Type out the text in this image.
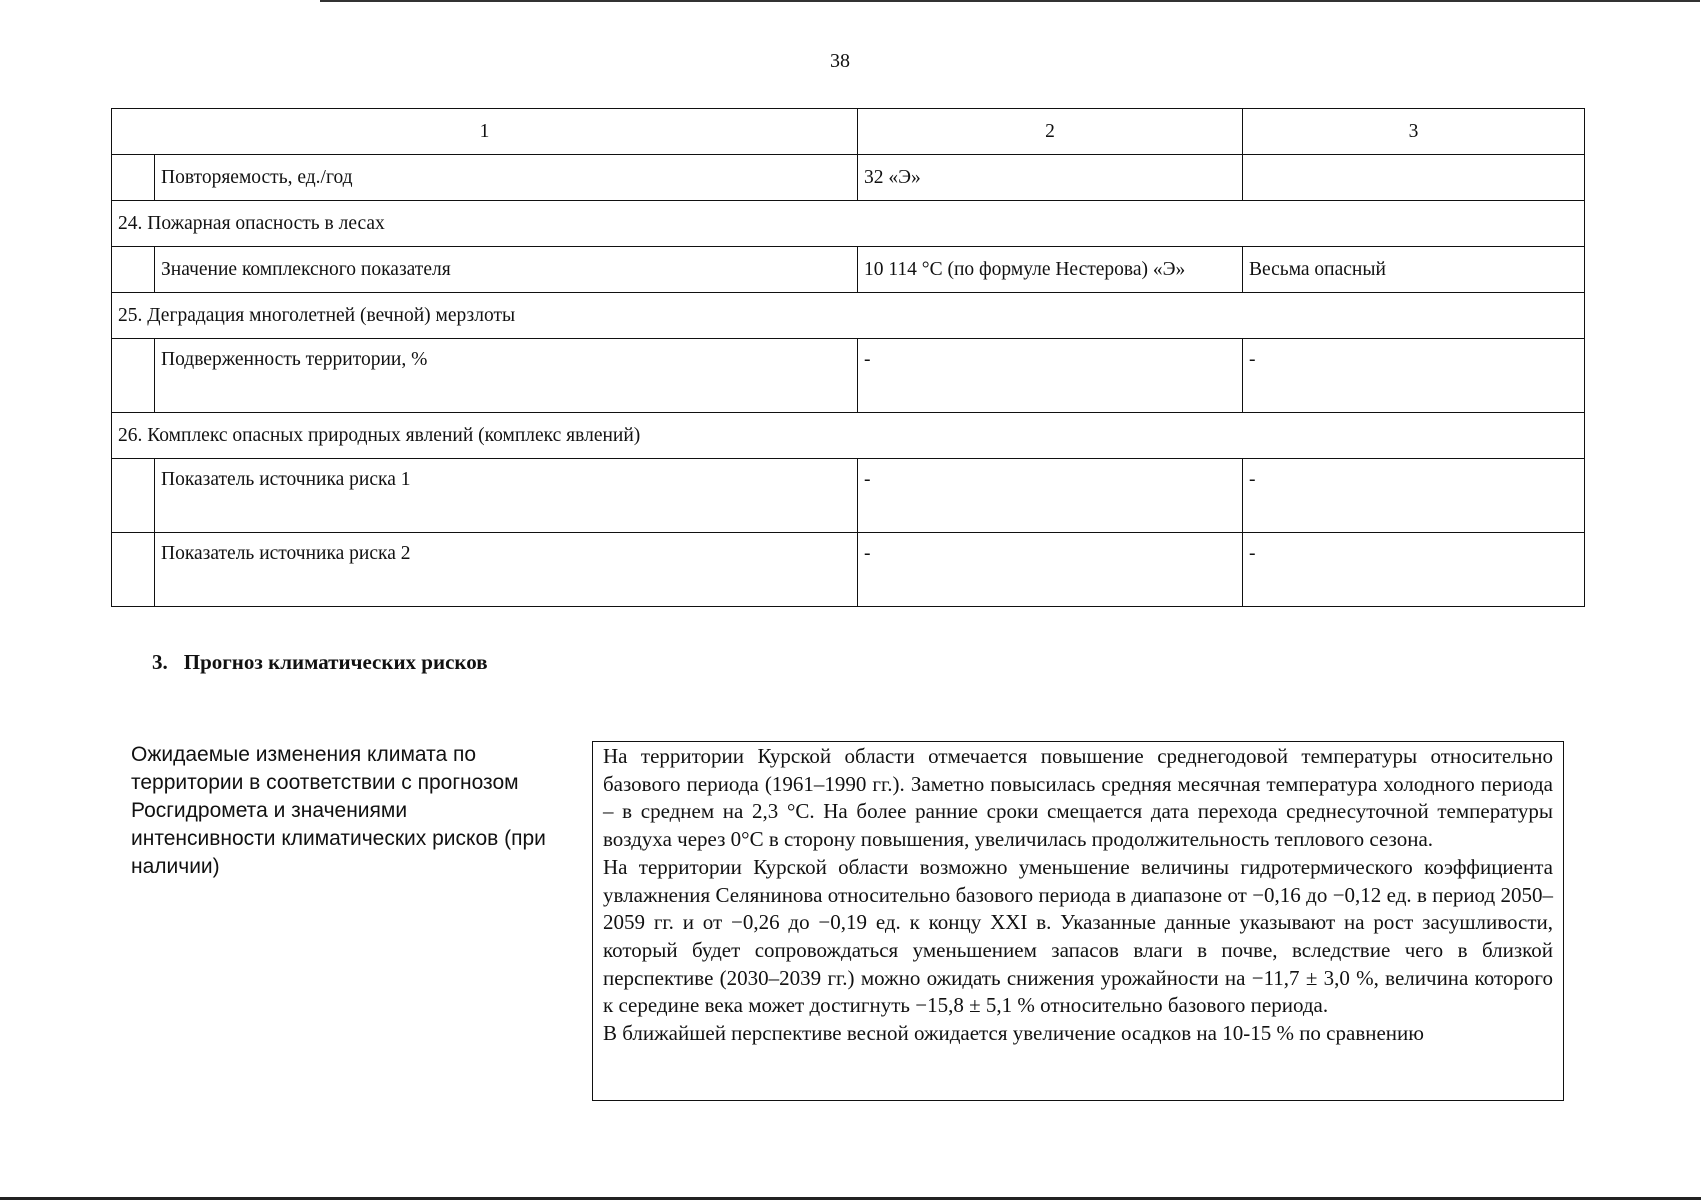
38
1		2	3
	Повторяемость, ед./год	32 «Э»	
24. Пожарная опасность в лесах			
	Значение комплексного показателя	10 114 °С (по формуле Нестерова) «Э»	Весьма опасный
25. Деградация многолетней (вечной) мерзлоты			
	Подверженность территории, %	-	-
26. Комплекс опасных природных явлений (комплекс явлений)			
	Показатель источника риска 1	-	-
	Показатель источника риска 2	-	-
3. Прогноз климатических рисков
Ожидаемые изменения климата по территории в соответствии с прогнозом Росгидромета и значениями интенсивности климатических рисков (при наличии)

На территории Курской области отмечается повышение среднегодовой температуры относительно базового периода (1961–1990 гг.). Заметно повысилась средняя месячная температура холодного периода – в среднем на 2,3 °С. На более ранние сроки смещается дата перехода среднесуточной температуры воздуха через 0°С в сторону повышения, увеличилась продолжительность теплового сезона.

На территории Курской области возможно уменьшение величины гидротермического коэффициента увлажнения Селянинова относительно базового периода в диапазоне от −0,16 до −0,12 ед. в период 2050–2059 гг. и от −0,26 до −0,19 ед. к концу XXI в. Указанные данные указывают на рост засушливости, который будет сопровождаться уменьшением запасов влаги в почве, вследствие чего в близкой перспективе (2030–2039 гг.) можно ожидать снижения урожайности на −11,7 ± 3,0 %, величина которого к середине века может достигнуть −15,8 ± 5,1 % относительно базового периода.

В ближайшей перспективе весной ожидается увеличение осадков на 10-15 % по сравнению
